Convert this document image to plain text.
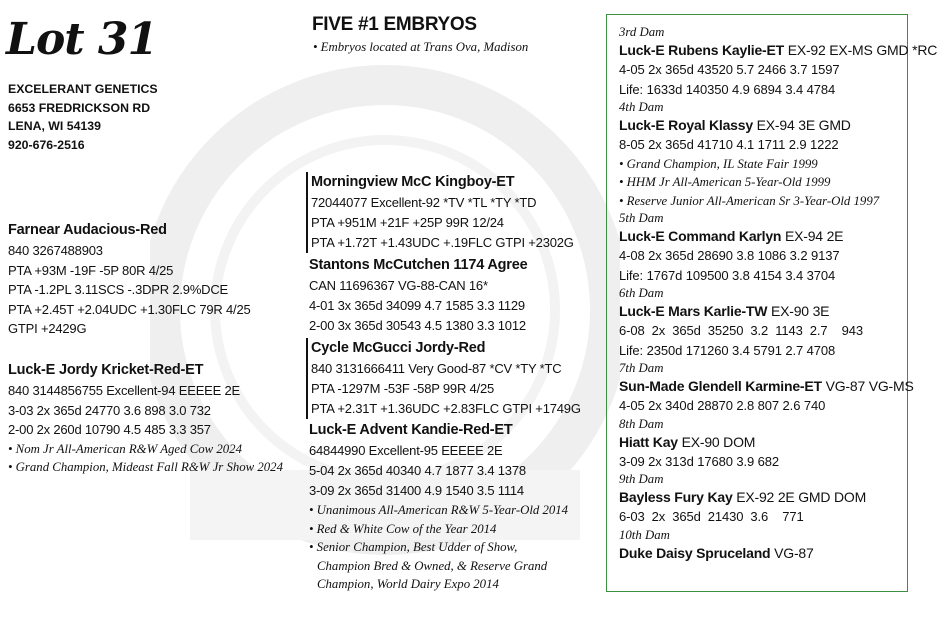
Lot 31
EXCELERANT GENETICS
6653 FREDRICKSON RD
LENA, WI 54139
920-676-2516
Farnear Audacious-Red
840 3267488903
PTA +93M -19F -5P 80R 4/25
PTA -1.2PL 3.11SCS -.3DPR 2.9%DCE
PTA +2.45T +2.04UDC +1.30FLC 79R 4/25
GTPI +2429G
Luck-E Jordy Kricket-Red-ET
840 3144856755 Excellent-94 EEEEE 2E
3-03 2x 365d 24770 3.6 898 3.0 732
2-00 2x 260d 10790 4.5 485 3.3 357
• Nom Jr All-American R&W Aged Cow 2024
• Grand Champion, Mideast Fall R&W Jr Show 2024
FIVE #1 EMBRYOS
• Embryos located at Trans Ova, Madison
Morningview McC Kingboy-ET
72044077 Excellent-92 *TV *TL *TY *TD
PTA +951M +21F +25P 99R 12/24
PTA +1.72T +1.43UDC +.19FLC GTPI +2302G
Stantons McCutchen 1174 Agree
CAN 11696367 VG-88-CAN 16*
4-01 3x 365d 34099 4.7 1585 3.3 1129
2-00 3x 365d 30543 4.5 1380 3.3 1012
Cycle McGucci Jordy-Red
840 3131666411 Very Good-87 *CV *TY *TC
PTA -1297M -53F -58P 99R 4/25
PTA +2.31T +1.36UDC +2.83FLC GTPI +1749G
Luck-E Advent Kandie-Red-ET
64844990 Excellent-95 EEEEE 2E
5-04 2x 365d 40340 4.7 1877 3.4 1378
3-09 2x 365d 31400 4.9 1540 3.5 1114
• Unanimous All-American R&W 5-Year-Old 2014
• Red & White Cow of the Year 2014
• Senior Champion, Best Udder of Show,
Champion Bred & Owned, & Reserve Grand
Champion, World Dairy Expo 2014
3rd Dam
Luck-E Rubens Kaylie-ET EX-92 EX-MS GMD *RC
4-05 2x 365d 43520 5.7 2466 3.7 1597
Life: 1633d 140350 4.9 6894 3.4 4784
4th Dam
Luck-E Royal Klassy EX-94 3E GMD
8-05 2x 365d 41710 4.1 1711 2.9 1222
• Grand Champion, IL State Fair 1999
• HHM Jr All-American 5-Year-Old 1999
• Reserve Junior All-American Sr 3-Year-Old 1997
5th Dam
Luck-E Command Karlyn EX-94 2E
4-08 2x 365d 28690 3.8 1086 3.2 9137
Life: 1767d 109500 3.8 4154 3.4 3704
6th Dam
Luck-E Mars Karlie-TW EX-90 3E
6-08  2x  365d  35250  3.2  1143  2.7    943
Life: 2350d 171260 3.4 5791 2.7 4708
7th Dam
Sun-Made Glendell Karmine-ET VG-87 VG-MS
4-05 2x 340d 28870 2.8 807 2.6 740
8th Dam
Hiatt Kay EX-90 DOM
3-09 2x 313d 17680 3.9 682
9th Dam
Bayless Fury Kay EX-92 2E GMD DOM
6-03  2x  365d  21430  3.6    771
10th Dam
Duke Daisy Spruceland VG-87
